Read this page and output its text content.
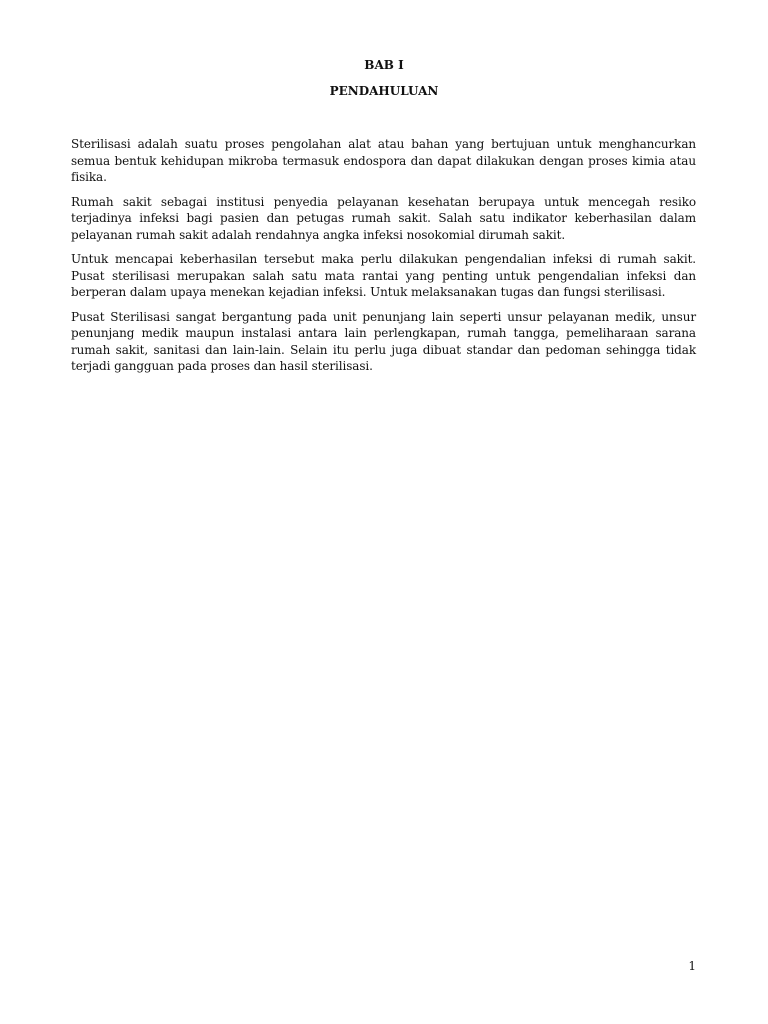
BAB I
PENDAHULUAN

Sterilisasi adalah suatu proses pengolahan alat atau bahan yang bertujuan untuk menghancurkan semua bentuk kehidupan mikroba termasuk endospora dan dapat dilakukan dengan proses kimia atau fisika.

Rumah sakit sebagai institusi penyedia pelayanan kesehatan berupaya untuk mencegah resiko terjadinya infeksi bagi pasien dan petugas rumah sakit. Salah satu indikator keberhasilan dalam pelayanan rumah sakit adalah rendahnya angka infeksi nosokomial dirumah sakit.

Untuk mencapai keberhasilan tersebut maka perlu dilakukan pengendalian infeksi di rumah sakit. Pusat sterilisasi merupakan salah satu mata rantai yang penting untuk pengendalian infeksi dan berperan dalam upaya menekan kejadian infeksi. Untuk melaksanakan tugas dan fungsi sterilisasi.

Pusat Sterilisasi sangat bergantung pada unit penunjang lain seperti unsur pelayanan medik, unsur penunjang medik maupun instalasi antara lain perlengkapan, rumah tangga, pemeliharaan sarana rumah sakit, sanitasi dan lain-lain. Selain itu perlu juga dibuat standar dan pedoman sehingga tidak terjadi gangguan pada proses dan hasil sterilisasi.

1
